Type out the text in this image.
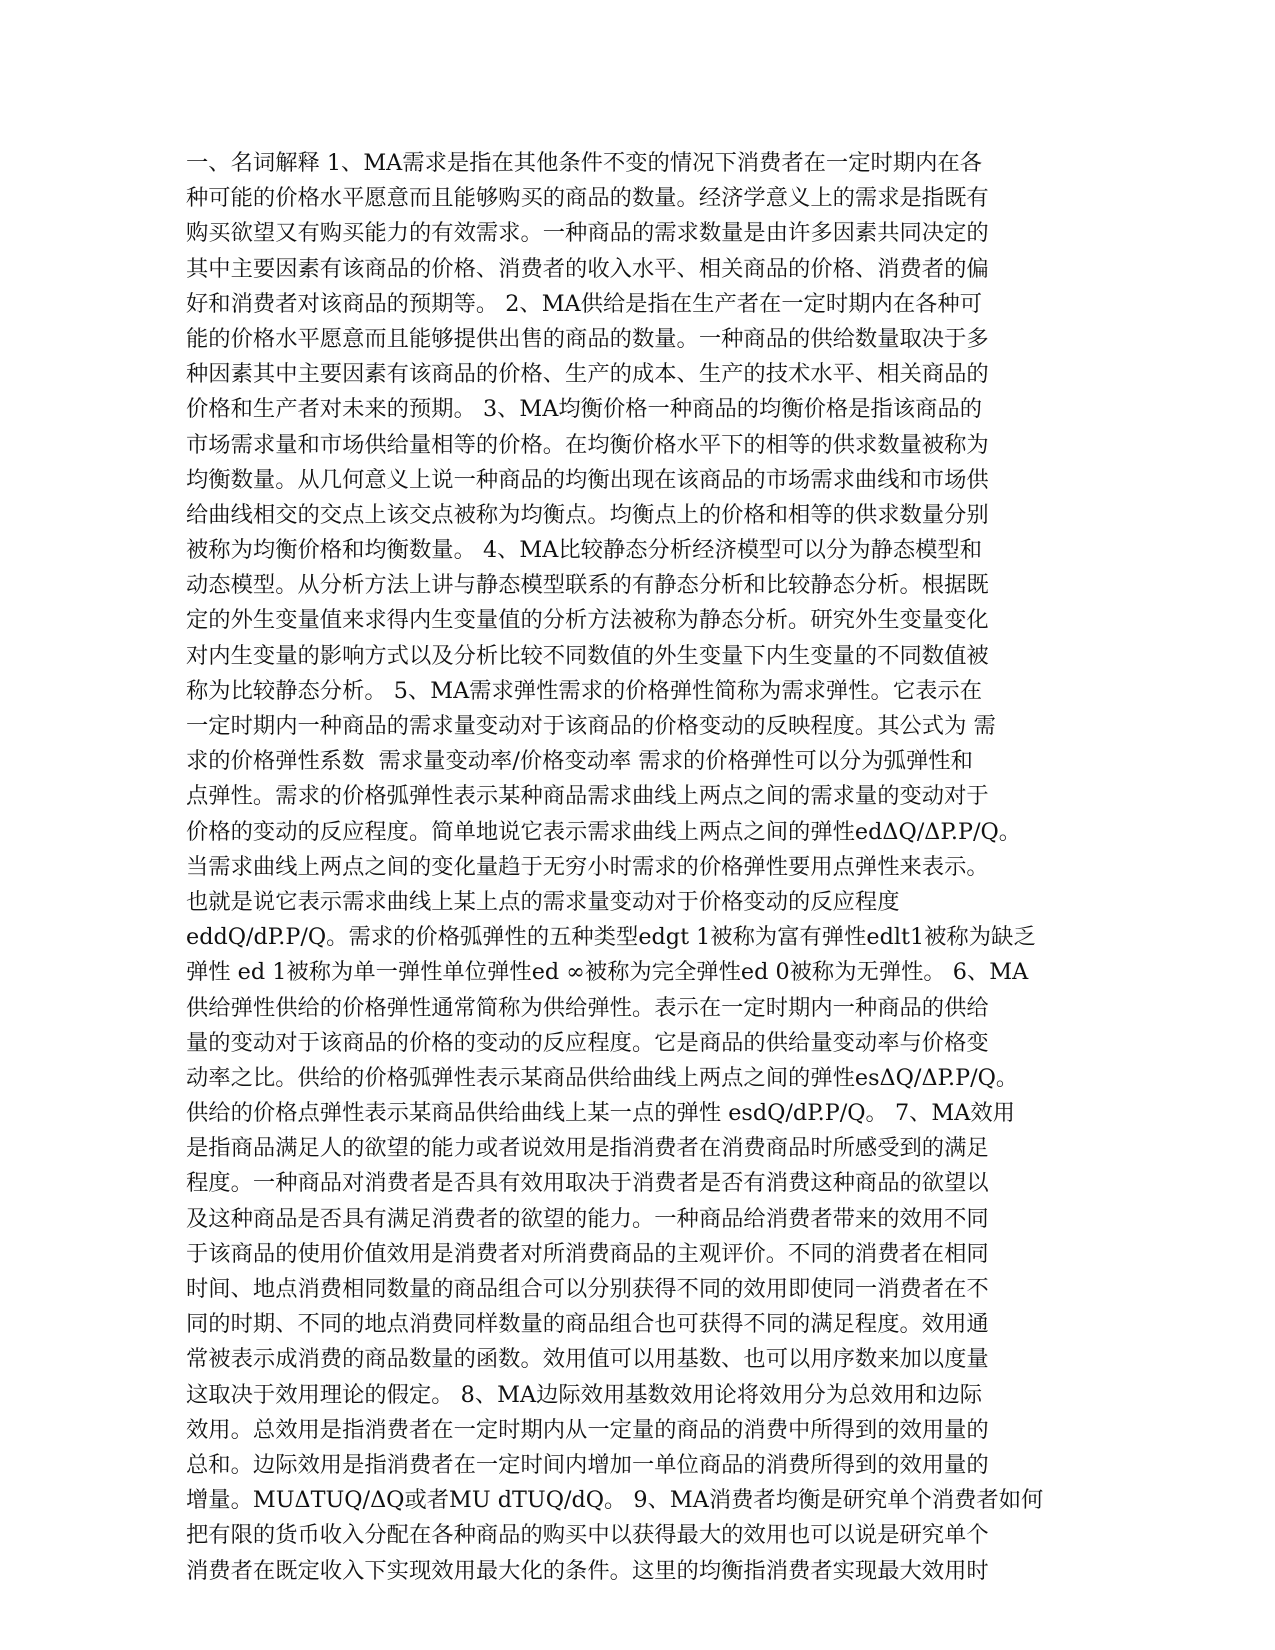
一、名词解释 1、MA需求是指在其他条件不变的情况下消费者在一定时期内在各
种可能的价格水平愿意而且能够购买的商品的数量。经济学意义上的需求是指既有
购买欲望又有购买能力的有效需求。一种商品的需求数量是由许多因素共同决定的
其中主要因素有该商品的价格、消费者的收入水平、相关商品的价格、消费者的偏
好和消费者对该商品的预期等。 2、MA供给是指在生产者在一定时期内在各种可
能的价格水平愿意而且能够提供出售的商品的数量。一种商品的供给数量取决于多
种因素其中主要因素有该商品的价格、生产的成本、生产的技术水平、相关商品的
价格和生产者对未来的预期。 3、MA均衡价格一种商品的均衡价格是指该商品的
市场需求量和市场供给量相等的价格。在均衡价格水平下的相等的供求数量被称为
均衡数量。从几何意义上说一种商品的均衡出现在该商品的市场需求曲线和市场供
给曲线相交的交点上该交点被称为均衡点。均衡点上的价格和相等的供求数量分别
被称为均衡价格和均衡数量。 4、MA比较静态分析经济模型可以分为静态模型和
动态模型。从分析方法上讲与静态模型联系的有静态分析和比较静态分析。根据既
定的外生变量值来求得内生变量值的分析方法被称为静态分析。研究外生变量变化
对内生变量的影响方式以及分析比较不同数值的外生变量下内生变量的不同数值被
称为比较静态分析。 5、MA需求弹性需求的价格弹性简称为需求弹性。它表示在
一定时期内一种商品的需求量变动对于该商品的价格变动的反映程度。其公式为 需
求的价格弹性系数  需求量变动率/价格变动率 需求的价格弹性可以分为弧弹性和
点弹性。需求的价格弧弹性表示某种商品需求曲线上两点之间的需求量的变动对于
价格的变动的反应程度。简单地说它表示需求曲线上两点之间的弹性edΔQ/ΔP.P/Q。
当需求曲线上两点之间的变化量趋于无穷小时需求的价格弹性要用点弹性来表示。
也就是说它表示需求曲线上某上点的需求量变动对于价格变动的反应程度
eddQ/dP.P/Q。需求的价格弧弹性的五种类型edgt 1被称为富有弹性edlt1被称为缺乏
弹性 ed 1被称为单一弹性单位弹性ed ∞被称为完全弹性ed 0被称为无弹性。 6、MA
供给弹性供给的价格弹性通常简称为供给弹性。表示在一定时期内一种商品的供给
量的变动对于该商品的价格的变动的反应程度。它是商品的供给量变动率与价格变
动率之比。供给的价格弧弹性表示某商品供给曲线上两点之间的弹性esΔQ/ΔP.P/Q。
供给的价格点弹性表示某商品供给曲线上某一点的弹性 esdQ/dP.P/Q。 7、MA效用
是指商品满足人的欲望的能力或者说效用是指消费者在消费商品时所感受到的满足
程度。一种商品对消费者是否具有效用取决于消费者是否有消费这种商品的欲望以
及这种商品是否具有满足消费者的欲望的能力。一种商品给消费者带来的效用不同
于该商品的使用价值效用是消费者对所消费商品的主观评价。不同的消费者在相同
时间、地点消费相同数量的商品组合可以分别获得不同的效用即使同一消费者在不
同的时期、不同的地点消费同样数量的商品组合也可获得不同的满足程度。效用通
常被表示成消费的商品数量的函数。效用值可以用基数、也可以用序数来加以度量
这取决于效用理论的假定。 8、MA边际效用基数效用论将效用分为总效用和边际
效用。总效用是指消费者在一定时期内从一定量的商品的消费中所得到的效用量的
总和。边际效用是指消费者在一定时间内增加一单位商品的消费所得到的效用量的
增量。MUΔTUQ/ΔQ或者MU dTUQ/dQ。 9、MA消费者均衡是研究单个消费者如何
把有限的货币收入分配在各种商品的购买中以获得最大的效用也可以说是研究单个
消费者在既定收入下实现效用最大化的条件。这里的均衡指消费者实现最大效用时
